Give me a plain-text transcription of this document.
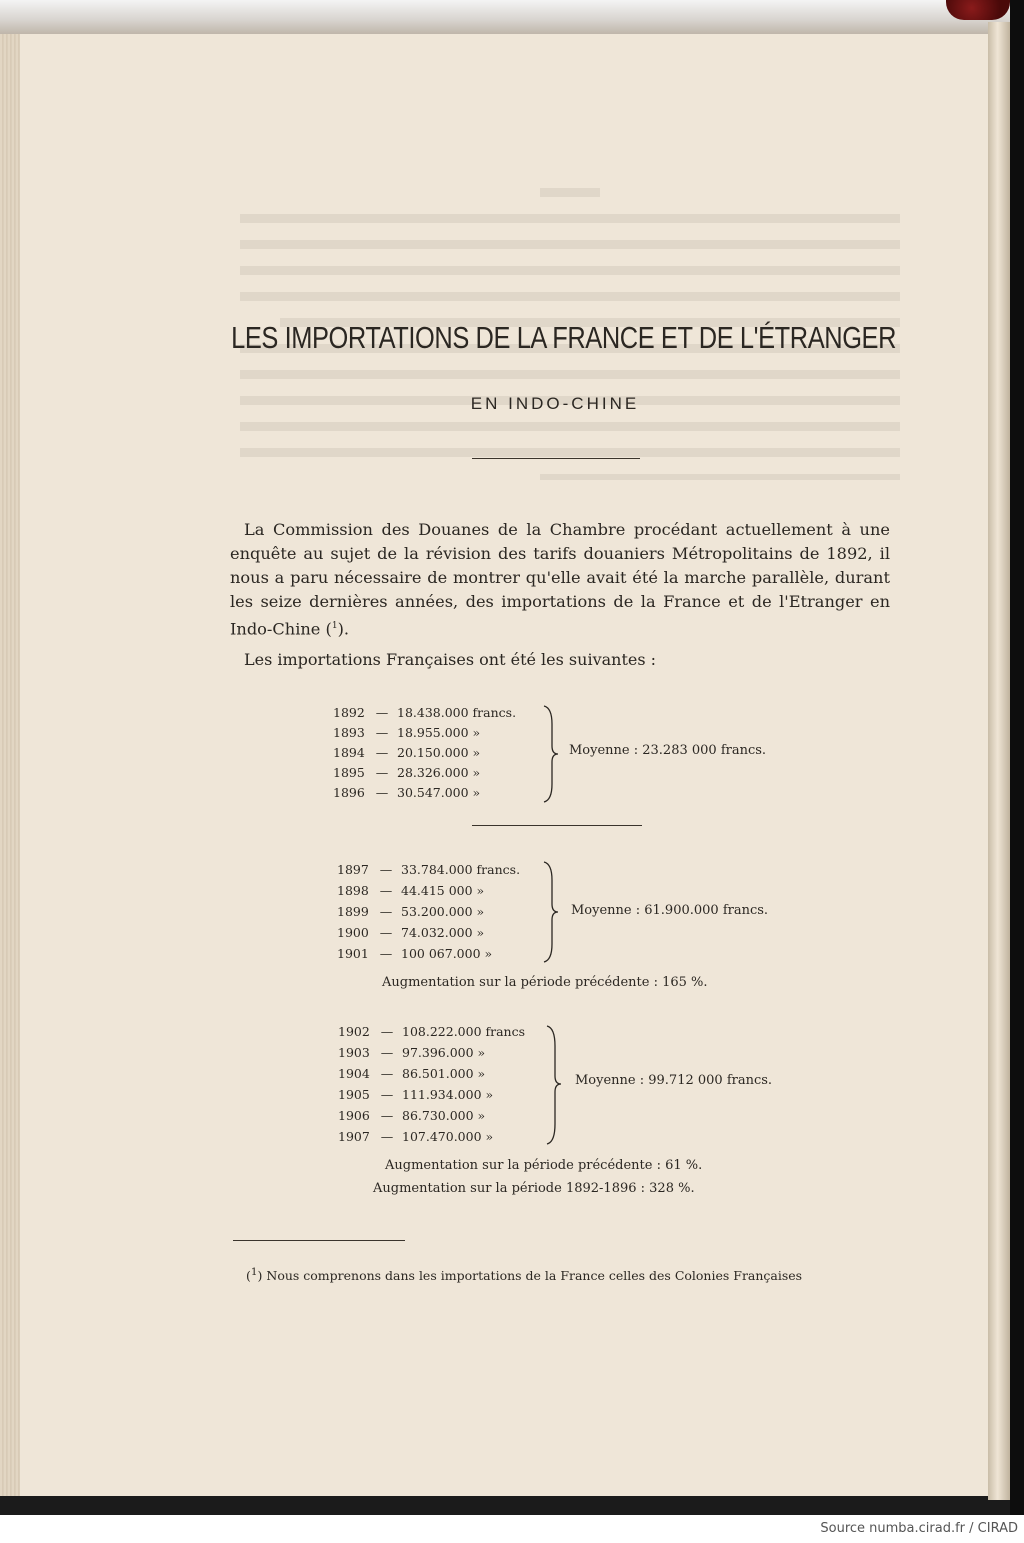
LES IMPORTATIONS DE LA FRANCE ET DE L'ÉTRANGER
EN INDO-CHINE

La Commission des Douanes de la Chambre procédant actuellement à une enquête au sujet de la révision des tarifs douaniers Métropolitains de 1892, il nous a paru nécessaire de montrer qu'elle avait été la marche parallèle, durant les seize dernières années, des importations de la France et de l'Etranger en Indo-Chine ($^1$).

Les importations Françaises ont été les suivantes :
1892 — 18.438.000 francs.
1893 — 18.955.000 »
1894 — 20.150.000 »
1895 — 28.326.000 »
1896 — 30.547.000 »
Moyenne : 23.283 000 francs.
1897 — 33.784.000 francs.
1898 — 44.415 000 »
1899 — 53.200.000 »
1900 — 74.032.000 »
1901 — 100 067.000 »
Moyenne : 61.900.000 francs.
Augmentation sur la période précédente : 165 %.
1902 — 108.222.000 francs
1903 — 97.396.000 »
1904 — 86.501.000 »
1905 — 111.934.000 »
1906 — 86.730.000 »
1907 — 107.470.000 »
Moyenne : 99.712 000 francs.
Augmentation sur la période précédente : 61 %.
Augmentation sur la période 1892-1896 : 328 %.
($^1$) Nous comprenons dans les importations de la France celles des Colonies Françaises
Source numba.cirad.fr / CIRAD
